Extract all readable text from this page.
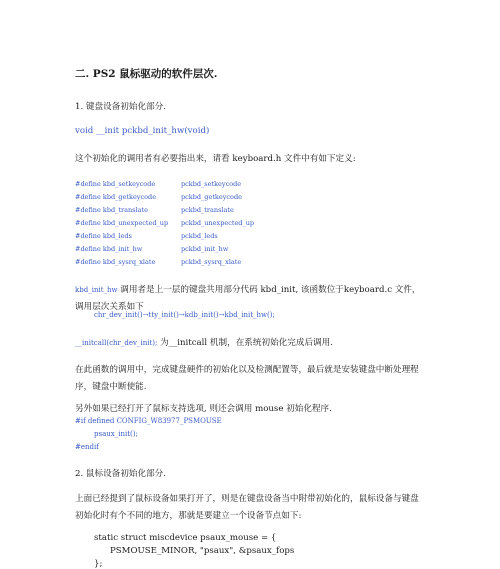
二. PS2 鼠标驱动的软件层次.
1. 键盘设备初始化部分.
void __init pckbd_init_hw(void)
这个初始化的调用者有必要指出来，请看 keyboard.h 文件中有如下定义:
#define kbd_setkeycode	pckbd_setkeycode
#define kbd_getkeycode	pckbd_getkeycode
#define kbd_translate	pckbd_translate
#define kbd_unexpected_up pckbd_unexpected_up
#define kbd_leds	pckbd_leds
#define kbd_init_hw	pckbd_init_hw
#define kbd_sysrq_xlate	pckbd_sysrq_xlate
kbd_init_hw 调用者是上一层的键盘共用部分代码 kbd_init, 该函数位于keyboard.c 文件，调用层次关系如下
chr_dev_init()→tty_init()→kdb_init()→kbd_init_hw();
__initcall(chr_dev_init); 为__initcall 机制，在系统初始化完成后调用.
在此函数的调用中，完成键盘硬件的初始化以及检测配置等，最后就是安装键盘中断处理程序，键盘中断使能.
另外如果已经打开了鼠标支持选项, 则还会调用 mouse 初始化程序.
#if defined CONFIG_W83977_PSMOUSE
psaux_init();
#endif
2. 鼠标设备初始化部分.
上面已经提到了鼠标设备如果打开了，则是在键盘设备当中附带初始化的，鼠标设备与键盘初始化时有个不同的地方，那就是要建立一个设备节点如下:
static struct miscdevice psaux_mouse = {
PSMOUSE_MINOR, "psaux", &psaux_fops
};
